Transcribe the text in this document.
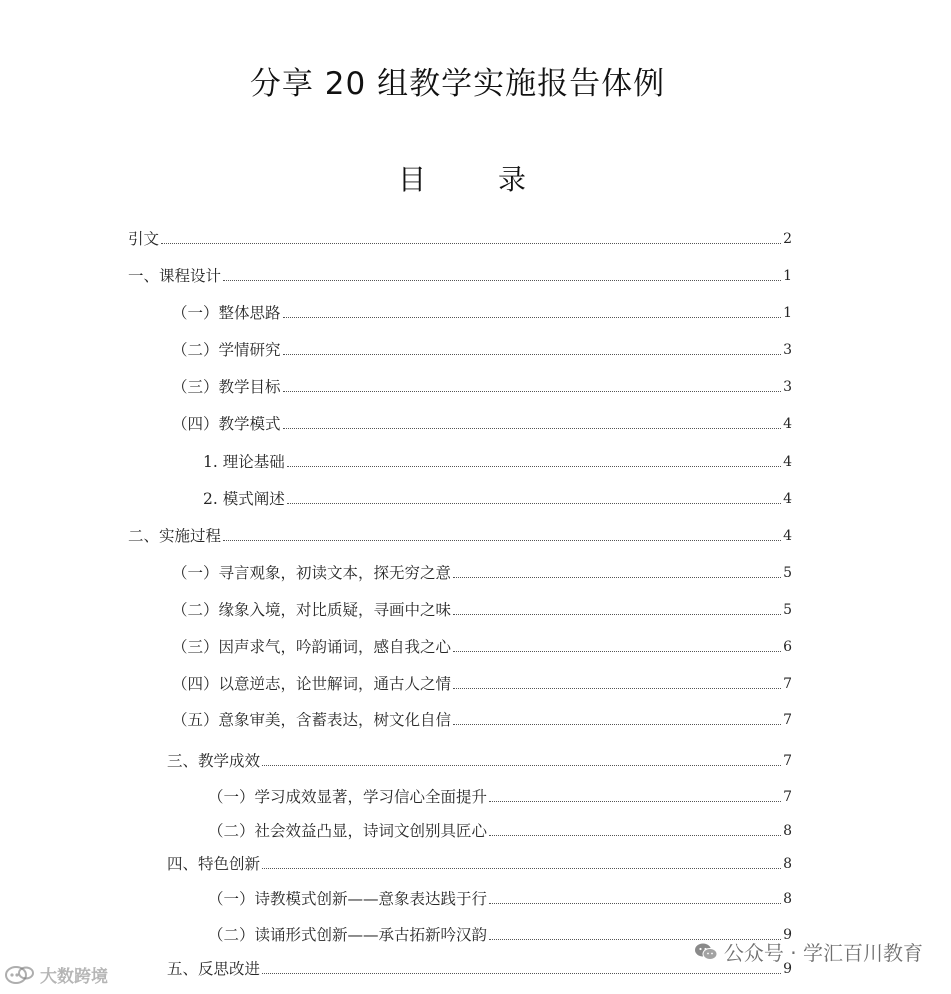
分享 20 组教学实施报告体例
目	录
引文	2
一、课程设计	1
（一）整体思路	1
（二）学情研究	3
（三）教学目标	3
（四）教学模式	4
1. 理论基础	4
2. 模式阐述	4
二、实施过程	4
（一）寻言观象，初读文本，探无穷之意	5
（二）缘象入境，对比质疑，寻画中之味	5
（三）因声求气，吟韵诵词，感自我之心	6
（四）以意逆志，论世解词，通古人之情	7
（五）意象审美，含蓄表达，树文化自信	7
三、教学成效	7
（一）学习成效显著，学习信心全面提升	7
（二）社会效益凸显，诗词文创别具匠心	8
四、特色创新	8
（一）诗教模式创新——意象表达践于行	8
（二）读诵形式创新——承古拓新吟汉韵	9
五、反思改进	9
大数跨境
公众号 · 学汇百川教育
